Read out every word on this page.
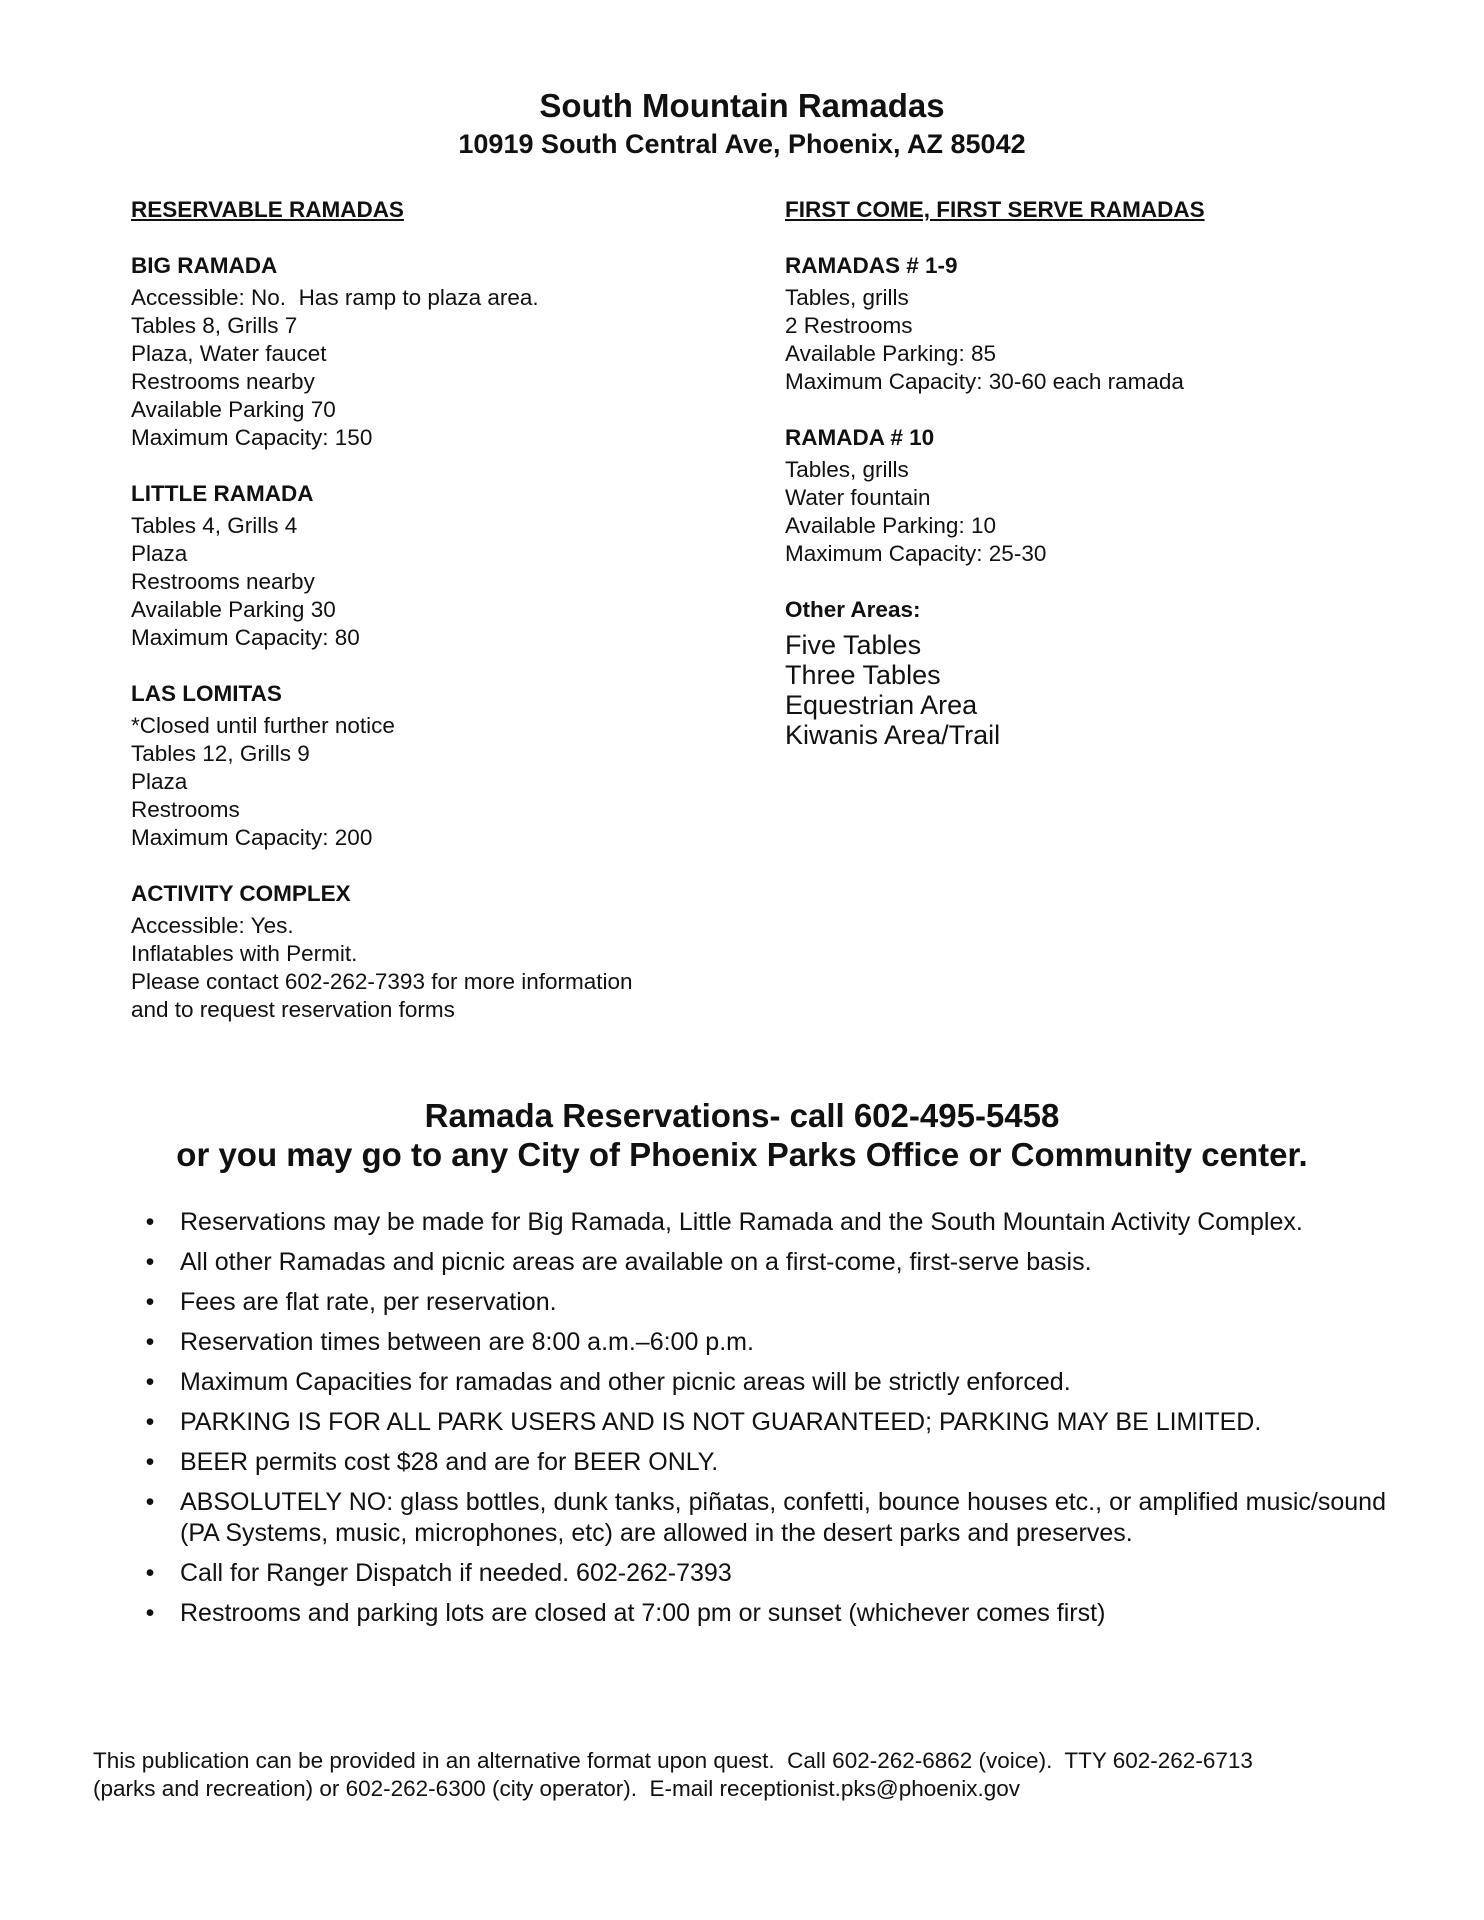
South Mountain Ramadas
10919 South Central Ave, Phoenix, AZ 85042
RESERVABLE RAMADAS
BIG RAMADA
Accessible: No.  Has ramp to plaza area.
Tables 8, Grills 7
Plaza, Water faucet
Restrooms nearby
Available Parking 70
Maximum Capacity: 150
LITTLE RAMADA
Tables 4, Grills 4
Plaza
Restrooms nearby
Available Parking 30
Maximum Capacity: 80
LAS LOMITAS
*Closed until further notice
Tables 12, Grills 9
Plaza
Restrooms
Maximum Capacity: 200
ACTIVITY COMPLEX
Accessible: Yes.
Inflatables with Permit.
Please contact 602-262-7393 for more information
and to request reservation forms
FIRST COME, FIRST SERVE RAMADAS
RAMADAS # 1-9
Tables, grills
2 Restrooms
Available Parking: 85
Maximum Capacity: 30-60 each ramada
RAMADA # 10
Tables, grills
Water fountain
Available Parking: 10
Maximum Capacity: 25-30
Other Areas:
Five Tables
Three Tables
Equestrian Area
Kiwanis Area/Trail
Ramada Reservations- call 602-495-5458
or you may go to any City of Phoenix Parks Office or Community center.
• Reservations may be made for Big Ramada, Little Ramada and the South Mountain Activity Complex.
• All other Ramadas and picnic areas are available on a first-come, first-serve basis.
• Fees are flat rate, per reservation.
• Reservation times between are 8:00 a.m.–6:00 p.m.
• Maximum Capacities for ramadas and other picnic areas will be strictly enforced.
• PARKING IS FOR ALL PARK USERS AND IS NOT GUARANTEED; PARKING MAY BE LIMITED.
• BEER permits cost $28 and are for BEER ONLY.
• ABSOLUTELY NO: glass bottles, dunk tanks, piñatas, confetti, bounce houses etc., or amplified music/sound (PA Systems, music, microphones, etc) are allowed in the desert parks and preserves.
• Call for Ranger Dispatch if needed. 602-262-7393
• Restrooms and parking lots are closed at 7:00 pm or sunset (whichever comes first)
This publication can be provided in an alternative format upon quest.  Call 602-262-6862 (voice).  TTY 602-262-6713
(parks and recreation) or 602-262-6300 (city operator).  E-mail receptionist.pks@phoenix.gov
